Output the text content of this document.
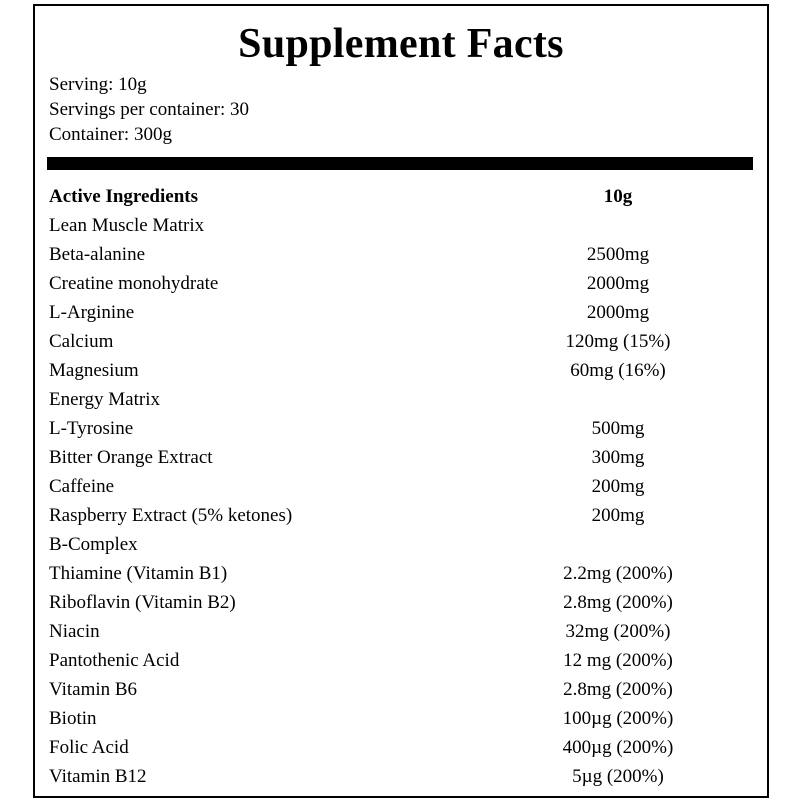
Supplement Facts
Serving: 10g
Servings per container: 30
Container: 300g
Active Ingredients	10g
Lean Muscle Matrix
Beta-alanine	2500mg
Creatine monohydrate	2000mg
L-Arginine	2000mg
Calcium	120mg (15%)
Magnesium	60mg (16%)
Energy Matrix
L-Tyrosine	500mg
Bitter Orange Extract	300mg
Caffeine	200mg
Raspberry Extract (5% ketones)	200mg
B-Complex
Thiamine (Vitamin B1)	2.2mg (200%)
Riboflavin (Vitamin B2)	2.8mg (200%)
Niacin	32mg (200%)
Pantothenic Acid	12 mg (200%)
Vitamin B6	2.8mg (200%)
Biotin	100µg (200%)
Folic Acid	400µg (200%)
Vitamin B12	5µg (200%)
